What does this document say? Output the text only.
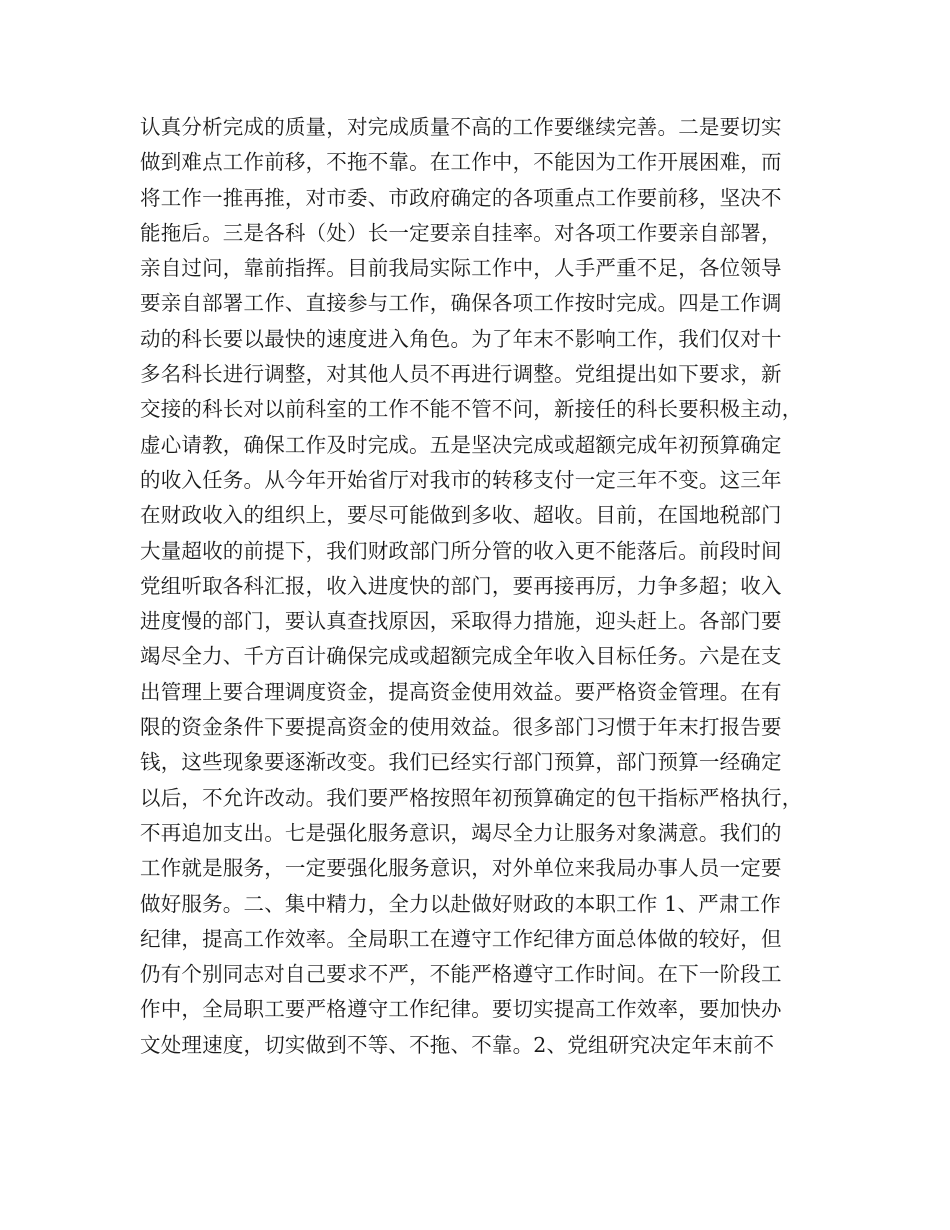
认真分析完成的质量，对完成质量不高的工作要继续完善。二是要切实
做到难点工作前移，不拖不靠。在工作中，不能因为工作开展困难，而
将工作一推再推，对市委、市政府确定的各项重点工作要前移，坚决不
能拖后。三是各科（处）长一定要亲自挂率。对各项工作要亲自部署，
亲自过问，靠前指挥。目前我局实际工作中，人手严重不足，各位领导
要亲自部署工作、直接参与工作，确保各项工作按时完成。四是工作调
动的科长要以最快的速度进入角色。为了年末不影响工作，我们仅对十
多名科长进行调整，对其他人员不再进行调整。党组提出如下要求，新
交接的科长对以前科室的工作不能不管不问，新接任的科长要积极主动，
虚心请教，确保工作及时完成。五是坚决完成或超额完成年初预算确定
的收入任务。从今年开始省厅对我市的转移支付一定三年不变。这三年
在财政收入的组织上，要尽可能做到多收、超收。目前，在国地税部门
大量超收的前提下，我们财政部门所分管的收入更不能落后。前段时间
党组听取各科汇报，收入进度快的部门，要再接再厉，力争多超；收入
进度慢的部门，要认真查找原因，采取得力措施，迎头赶上。各部门要
竭尽全力、千方百计确保完成或超额完成全年收入目标任务。六是在支
出管理上要合理调度资金，提高资金使用效益。要严格资金管理。在有
限的资金条件下要提高资金的使用效益。很多部门习惯于年末打报告要
钱，这些现象要逐渐改变。我们已经实行部门预算，部门预算一经确定
以后，不允许改动。我们要严格按照年初预算确定的包干指标严格执行，
不再追加支出。七是强化服务意识，竭尽全力让服务对象满意。我们的
工作就是服务，一定要强化服务意识，对外单位来我局办事人员一定要
做好服务。二、集中精力，全力以赴做好财政的本职工作 1、严肃工作
纪律，提高工作效率。全局职工在遵守工作纪律方面总体做的较好，但
仍有个别同志对自己要求不严，不能严格遵守工作时间。在下一阶段工
作中，全局职工要严格遵守工作纪律。要切实提高工作效率，要加快办
文处理速度，切实做到不等、不拖、不靠。2、党组研究决定年末前不
